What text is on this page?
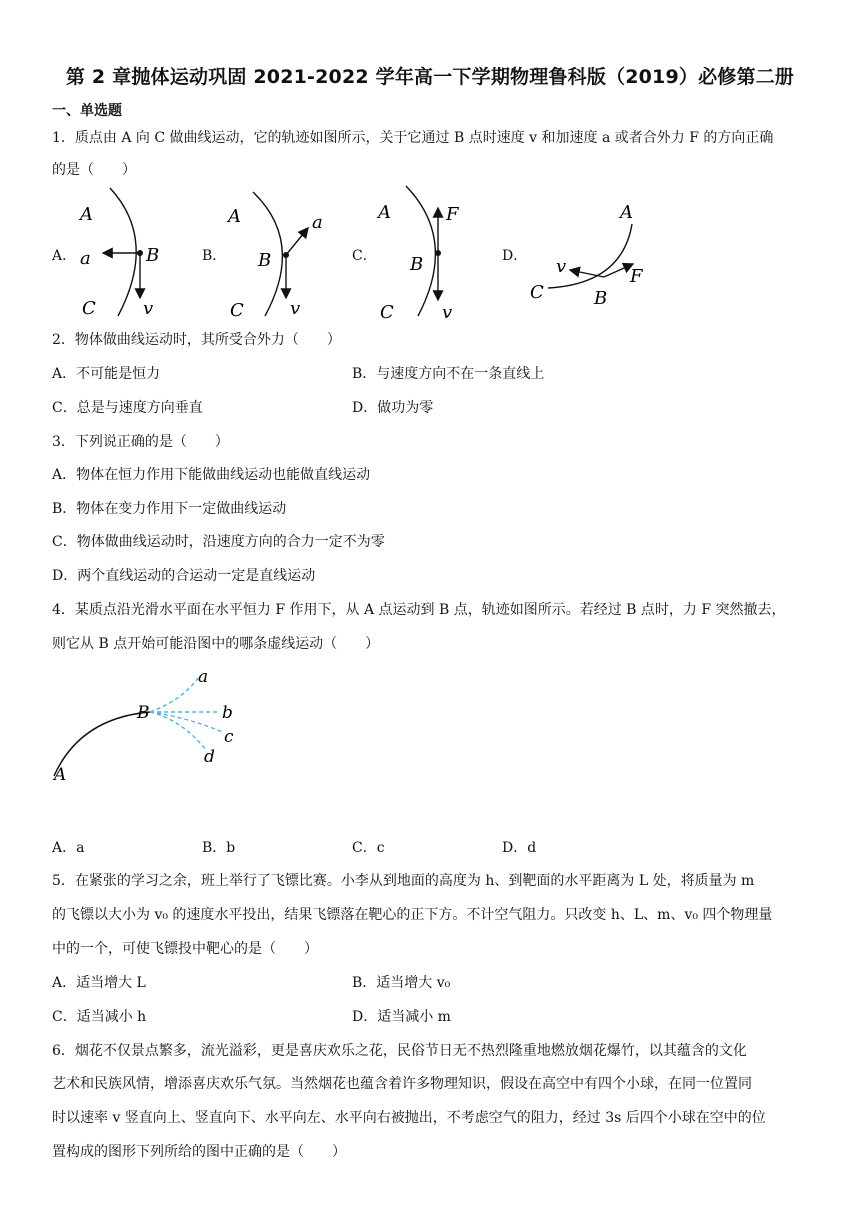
第 2 章抛体运动巩固 2021-2022 学年高一下学期物理鲁科版（2019）必修第二册
一、单选题
1．质点由 A 向 C 做曲线运动，它的轨迹如图所示，关于它通过 B 点时速度 v 和加速度 a 或者合外力 F 的方向正确
的是（　　）
A．	B．	C．	D．
A
B
C
a
v
A
B
C
a
v
A	F
B
C	v
A
v	F
C	B
2．物体做曲线运动时，其所受合外力（　　）
A．不可能是恒力	B．与速度方向不在一条直线上
C．总是与速度方向垂直	D．做功为零
3．下列说正确的是（　　）
A．物体在恒力作用下能做曲线运动也能做直线运动
B．物体在变力作用下一定做曲线运动
C．物体做曲线运动时，沿速度方向的合力一定不为零
D．两个直线运动的合运动一定是直线运动
4．某质点沿光滑水平面在水平恒力 F 作用下，从 A 点运动到 B 点，轨迹如图所示。若经过 B 点时，力 F 突然撤去，
则它从 B 点开始可能沿图中的哪条虚线运动（　　）
B
A
a
b
c
d
A．a	B．b	C．c	D．d
5．在紧张的学习之余，班上举行了飞镖比赛。小李从到地面的高度为 h、到靶面的水平距离为 L 处，将质量为 m
的飞镖以大小为 v₀ 的速度水平投出，结果飞镖落在靶心的正下方。不计空气阻力。只改变 h、L、m、v₀ 四个物理量
中的一个，可使飞镖投中靶心的是（　　）
A．适当增大 L	B．适当增大 v₀
C．适当减小 h	D．适当减小 m
6．烟花不仅景点繁多，流光溢彩，更是喜庆欢乐之花，民俗节日无不热烈隆重地燃放烟花爆竹，以其蕴含的文化
艺术和民族风情，增添喜庆欢乐气氛。当然烟花也蕴含着许多物理知识，假设在高空中有四个小球，在同一位置同
时以速率 v 竖直向上、竖直向下、水平向左、水平向右被抛出，不考虑空气的阻力，经过 3s 后四个小球在空中的位
置构成的图形下列所给的图中正确的是（　　）
